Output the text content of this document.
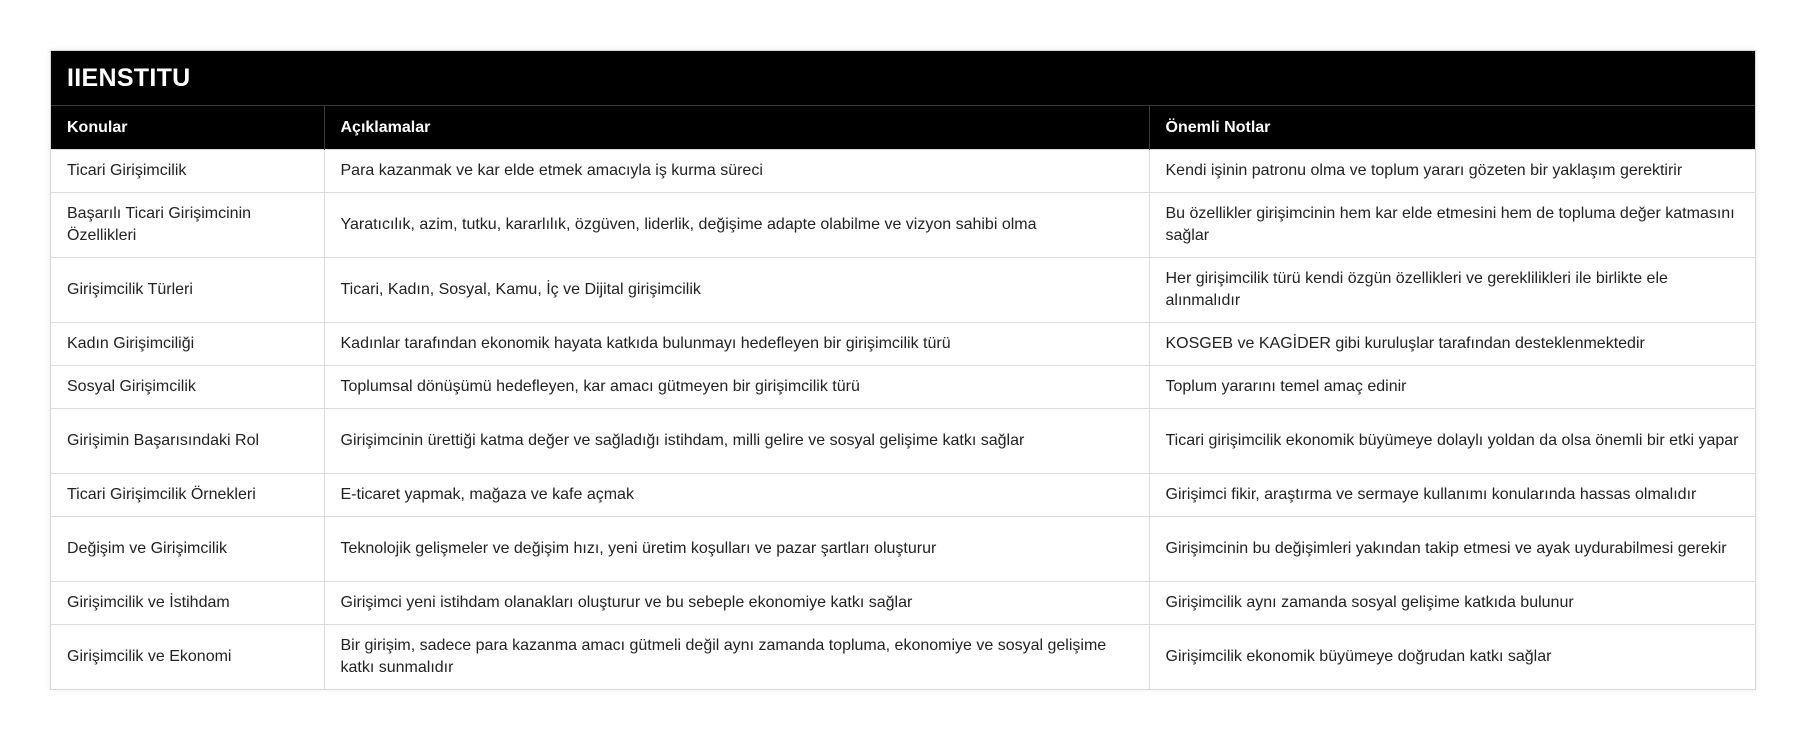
IIENSTITU
Konular	Açıklamalar	Önemli Notlar
Ticari Girişimcilik	Para kazanmak ve kar elde etmek amacıyla iş kurma süreci	Kendi işinin patronu olma ve toplum yararı gözeten bir yaklaşım gerektirir
Başarılı Ticari Girişimcinin Özellikleri	Yaratıcılık, azim, tutku, kararlılık, özgüven, liderlik, değişime adapte olabilme ve vizyon sahibi olma	Bu özellikler girişimcinin hem kar elde etmesini hem de topluma değer katmasını sağlar
Girişimcilik Türleri	Ticari, Kadın, Sosyal, Kamu, İç ve Dijital girişimcilik	Her girişimcilik türü kendi özgün özellikleri ve gereklilikleri ile birlikte ele alınmalıdır
Kadın Girişimciliği	Kadınlar tarafından ekonomik hayata katkıda bulunmayı hedefleyen bir girişimcilik türü	KOSGEB ve KAGİDER gibi kuruluşlar tarafından desteklenmektedir
Sosyal Girişimcilik	Toplumsal dönüşümü hedefleyen, kar amacı gütmeyen bir girişimcilik türü	Toplum yararını temel amaç edinir
Girişimin Başarısındaki Rol	Girişimcinin ürettiği katma değer ve sağladığı istihdam, milli gelire ve sosyal gelişime katkı sağlar	Ticari girişimcilik ekonomik büyümeye dolaylı yoldan da olsa önemli bir etki yapar
Ticari Girişimcilik Örnekleri	E-ticaret yapmak, mağaza ve kafe açmak	Girişimci fikir, araştırma ve sermaye kullanımı konularında hassas olmalıdır
Değişim ve Girişimcilik	Teknolojik gelişmeler ve değişim hızı, yeni üretim koşulları ve pazar şartları oluşturur	Girişimcinin bu değişimleri yakından takip etmesi ve ayak uydurabilmesi gerekir
Girişimcilik ve İstihdam	Girişimci yeni istihdam olanakları oluşturur ve bu sebeple ekonomiye katkı sağlar	Girişimcilik aynı zamanda sosyal gelişime katkıda bulunur
Girişimcilik ve Ekonomi	Bir girişim, sadece para kazanma amacı gütmeli değil aynı zamanda topluma, ekonomiye ve sosyal gelişime katkı sunmalıdır	Girişimcilik ekonomik büyümeye doğrudan katkı sağlar
